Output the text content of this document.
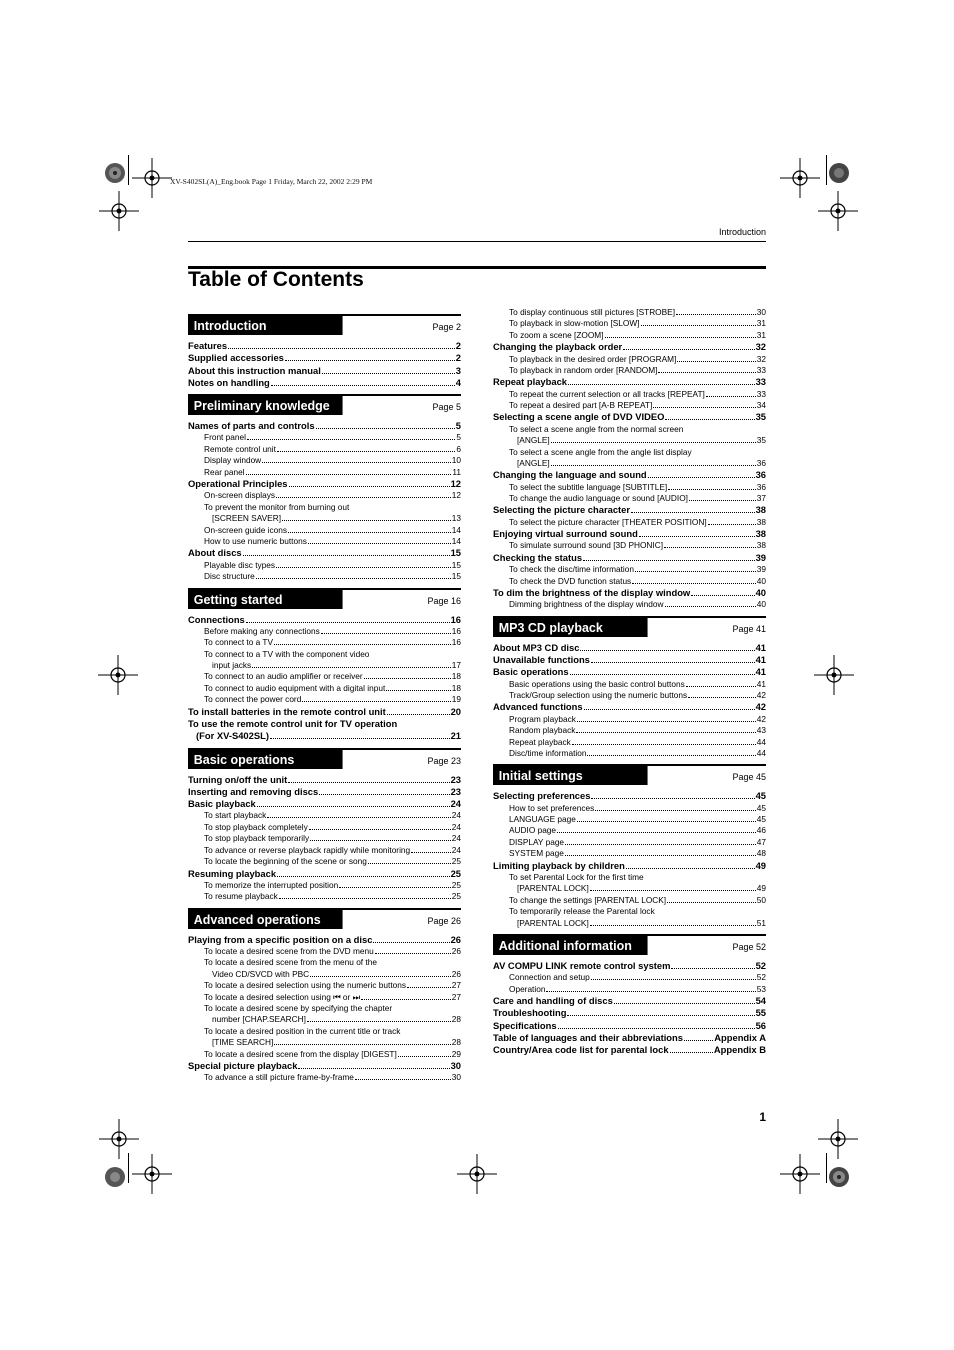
XV-S402SL(A)_Eng.book Page 1 Friday, March 22, 2002 2:29 PM
Introduction
Table of Contents
Introduction	Page 2
Features	2
Supplied accessories	2
About this instruction manual	3
Notes on handling	4
Preliminary knowledge	Page 5
Names of parts and controls	5
Front panel	5
Remote control unit	6
Display window	10
Rear panel	11
Operational Principles	12
On-screen displays	12
To prevent the monitor from burning out
[SCREEN SAVER]	13
On-screen guide icons	14
How to use numeric buttons	14
About discs	15
Playable disc types	15
Disc structure	15
Getting started	Page 16
Connections	16
Before making any connections	16
To connect to a TV	16
To connect to a TV with the component video
input jacks	17
To connect to an audio amplifier or receiver	18
To connect to audio equipment with a digital input	18
To connect the power cord	19
To install batteries in the remote control unit	20
To use the remote control unit for TV operation
(For XV-S402SL)	21
Basic operations	Page 23
Turning on/off the unit	23
Inserting and removing discs	23
Basic playback	24
To start playback	24
To stop playback completely	24
To stop playback temporarily	24
To advance or reverse playback rapidly while monitoring	24
To locate the beginning of the scene or song	25
Resuming playback	25
To memorize the interrupted position	25
To resume playback	25
Advanced operations	Page 26
Playing from a specific position on a disc	26
To locate a desired scene from the DVD menu	26
To locate a desired scene from the menu of the
Video CD/SVCD with PBC	26
To locate a desired selection using the numeric buttons	27
To locate a desired selection using ⏮ or ⏭	27
To locate a desired scene by specifying the chapter
number [CHAP.SEARCH]	28
To locate a desired position in the current title or track
[TIME SEARCH]	28
To locate a desired scene from the display [DIGEST]	29
Special picture playback	30
To advance a still picture frame-by-frame	30
To display continuous still pictures [STROBE]	30
To playback in slow-motion [SLOW]	31
To zoom a scene [ZOOM]	31
Changing the playback order	32
To playback in the desired order [PROGRAM]	32
To playback in random order [RANDOM]	33
Repeat playback	33
To repeat the current selection or all tracks [REPEAT]	33
To repeat a desired part [A-B REPEAT]	34
Selecting a scene angle of DVD VIDEO	35
To select a scene angle from the normal screen
[ANGLE]	35
To select a scene angle from the angle list display
[ANGLE]	36
Changing the language and sound	36
To select the subtitle language [SUBTITLE]	36
To change the audio language or sound [AUDIO]	37
Selecting the picture character	38
To select the picture character [THEATER POSITION]	38
Enjoying virtual surround sound	38
To simulate surround sound [3D PHONIC]	38
Checking the status	39
To check the disc/time information	39
To check the DVD function status	40
To dim the brightness of the display window	40
Dimming brightness of the display window	40
MP3 CD playback	Page 41
About MP3 CD disc	41
Unavailable functions	41
Basic operations	41
Basic operations using the basic control buttons	41
Track/Group selection using the numeric buttons	42
Advanced functions	42
Program playback	42
Random playback	43
Repeat playback	44
Disc/time information	44
Initial settings	Page 45
Selecting preferences	45
How to set preferences	45
LANGUAGE page	45
AUDIO page	46
DISPLAY page	47
SYSTEM page	48
Limiting playback by children	49
To set Parental Lock for the first time
[PARENTAL LOCK]	49
To change the settings [PARENTAL LOCK]	50
To temporarily release the Parental lock
[PARENTAL LOCK]	51
Additional information	Page 52
AV COMPU LINK remote control system	52
Connection and setup	52
Operation	53
Care and handling of discs	54
Troubleshooting	55
Specifications	56
Table of languages and their abbreviations	Appendix A
Country/Area code list for parental lock	Appendix B
1
